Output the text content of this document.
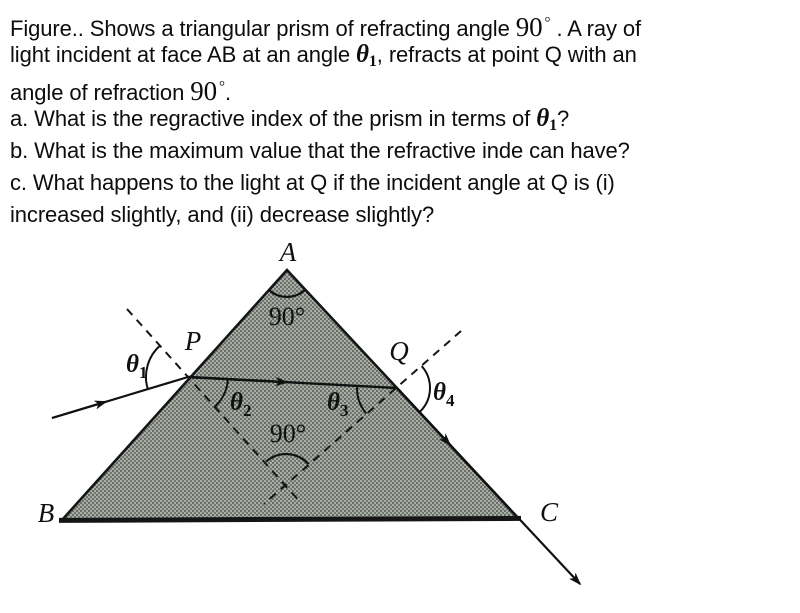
Figure.. Shows a triangular prism of refracting angle 90 ° . A ray of
light incident at face AB at an angle θ1, refracts at point Q with an
angle of refraction 90 °.
a. What is the regractive index of the prism in terms of θ1?
b. What is the maximum value that the refractive inde can have?
c. What happens to the light at Q if the incident angle at Q is (i)
increased slightly, and (ii) decrease slightly?
A
B	C
P	Q
90°
90°
$\theta_1$
$\theta_2$	$\theta_3$
$\theta_4$
